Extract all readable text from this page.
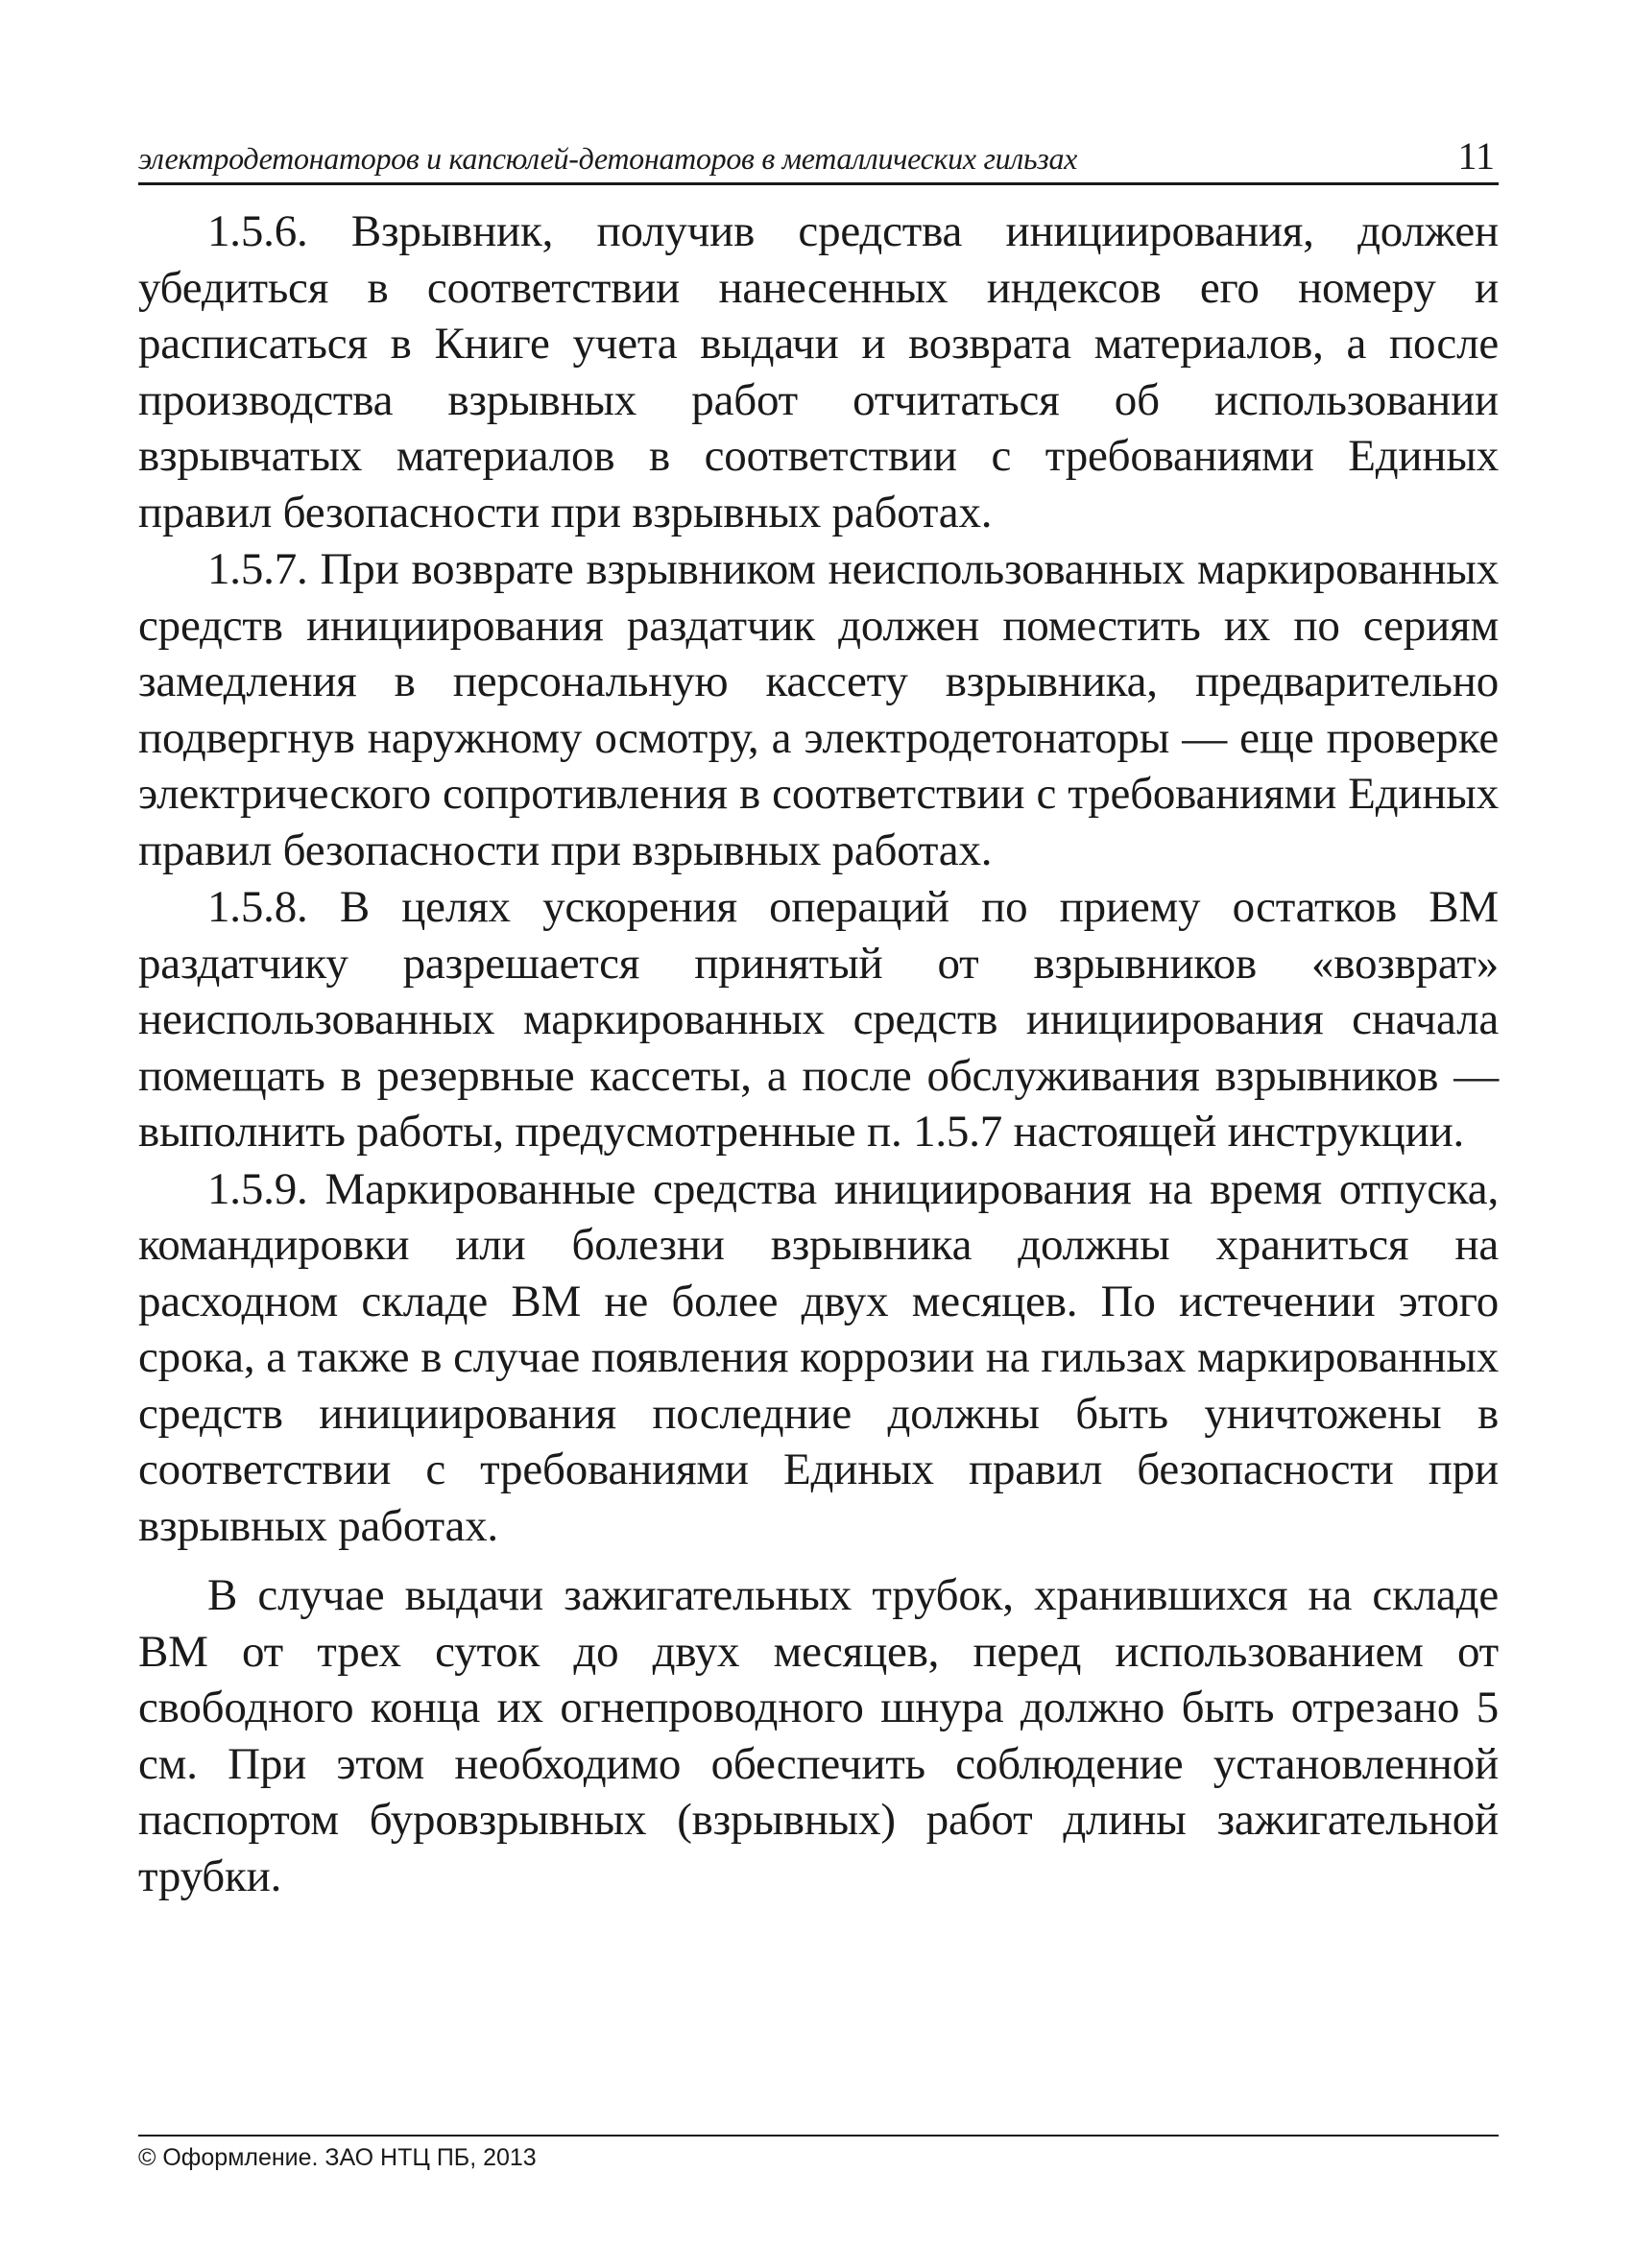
электродетонаторов и капсюлей-детонаторов в металлических гильзах	11

1.5.6. Взрывник, получив средства инициирования, должен убедиться в соответствии нанесенных индексов его номеру и расписаться в Книге учета выдачи и возврата материалов, а после производства взрывных работ отчитаться об использовании взрывчатых материалов в соответствии с требованиями Единых правил безопасности при взрывных работах.

1.5.7. При возврате взрывником неиспользованных маркированных средств инициирования раздатчик должен поместить их по сериям замедления в персональную кассету взрывника, предварительно подвергнув наружному осмотру, а электродетонаторы — еще проверке электрического сопротивления в соответствии с требованиями Единых правил безопасности при взрывных работах.

1.5.8. В целях ускорения операций по приему остатков ВМ раздатчику разрешается принятый от взрывников «возврат» неиспользованных маркированных средств инициирования сначала помещать в резервные кассеты, а после обслуживания взрывников — выполнить работы, предусмотренные п. 1.5.7 настоящей инструкции.

1.5.9. Маркированные средства инициирования на время отпуска, командировки или болезни взрывника должны храниться на расходном складе ВМ не более двух месяцев. По истечении этого срока, а также в случае появления коррозии на гильзах маркированных средств инициирования последние должны быть уничтожены в соответствии с требованиями Единых правил безопасности при взрывных работах.

В случае выдачи зажигательных трубок, хранившихся на складе ВМ от трех суток до двух месяцев, перед использованием от свободного конца их огнепроводного шнура должно быть отрезано 5 см. При этом необходимо обеспечить соблюдение установленной паспортом буровзрывных (взрывных) работ длины зажигательной трубки.

© Оформление. ЗАО НТЦ ПБ, 2013
